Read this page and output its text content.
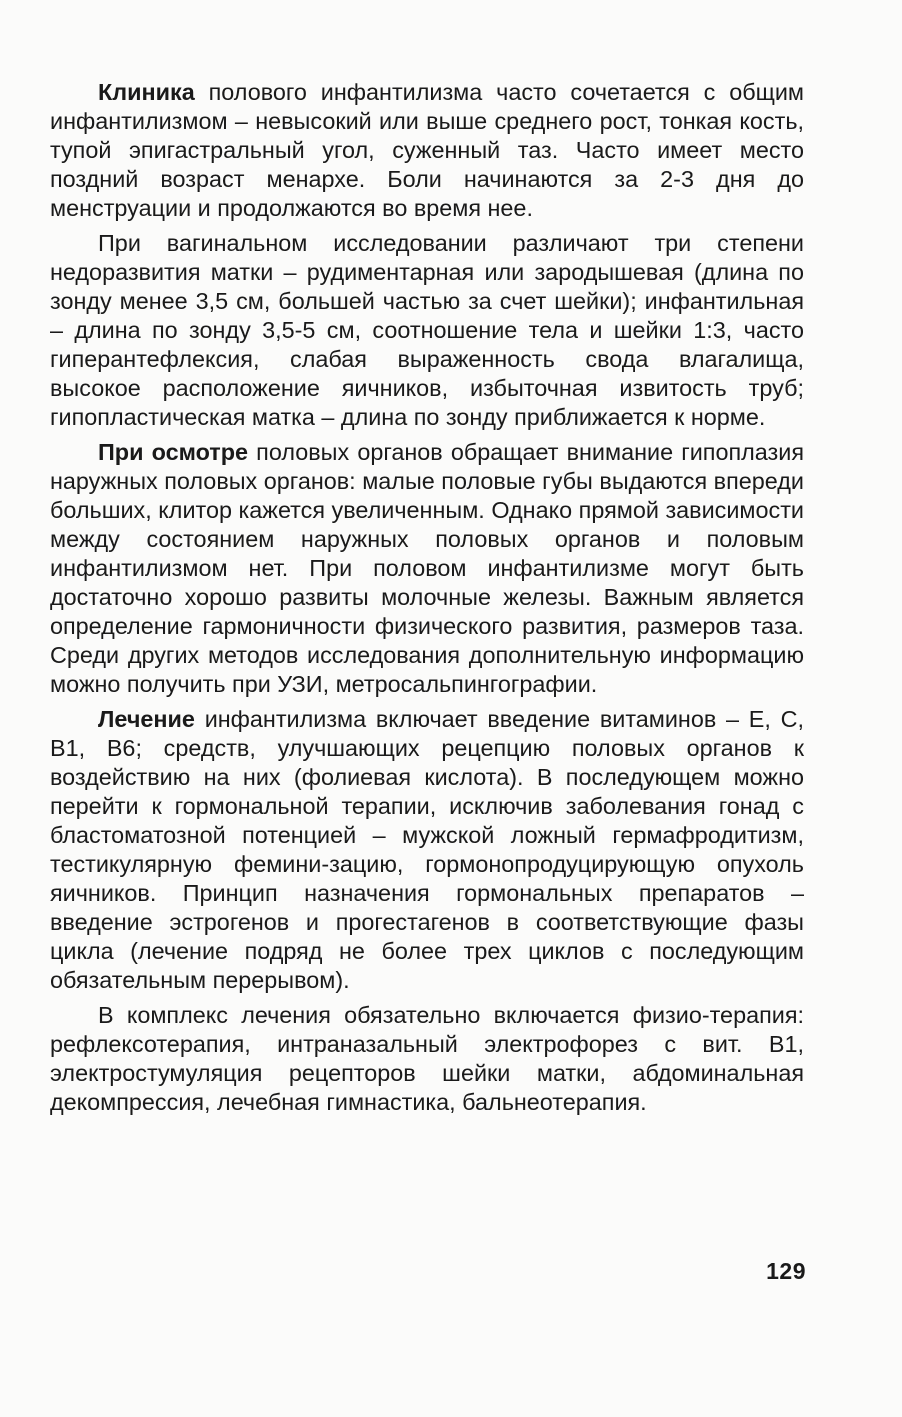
Клиника полового инфантилизма часто сочетается с общим инфантилизмом – невысокий или выше среднего рост, тонкая кость, тупой эпигастральный угол, суженный таз. Часто имеет место поздний возраст менархе. Боли начинаются за 2-3 дня до менструации и продолжаются во время нее.

При вагинальном исследовании различают три степени недоразвития матки – рудиментарная или зародышевая (длина по зонду менее 3,5 см, большей частью за счет шейки); инфантильная – длина по зонду 3,5-5 см, соотношение тела и шейки 1:3, часто гиперантефлексия, слабая выраженность свода влагалища, высокое расположение яичников, избыточная извитость труб; гипопластическая матка – длина по зонду приближается к норме.

При осмотре половых органов обращает внимание гипоплазия наружных половых органов: малые половые губы выдаются впереди больших, клитор кажется увеличенным. Однако прямой зависимости между состоянием наружных половых органов и половым инфантилизмом нет. При половом инфантилизме могут быть достаточно хорошо развиты молочные железы. Важным является определение гармоничности физического развития, размеров таза. Среди других методов исследования дополнительную информацию можно получить при УЗИ, метросальпингографии.

Лечение инфантилизма включает введение витаминов – Е, С, В1, В6; средств, улучшающих рецепцию половых органов к воздействию на них (фолиевая кислота). В последующем можно перейти к гормональной терапии, исключив заболевания гонад с бластоматозной потенцией – мужской ложный гермафродитизм, тестикулярную фемини-зацию, гормонопродуцирующую опухоль яичников. Принцип назначения гормональных препаратов – введение эстрогенов и прогестагенов в соответствующие фазы цикла (лечение подряд не более трех циклов с последующим обязательным перерывом).

В комплекс лечения обязательно включается физио-терапия: рефлексотерапия, интраназальный электрофорез с вит. В1, электростумуляция рецепторов шейки матки, абдоминальная декомпрессия, лечебная гимнастика, бальнеотерапия.

129
